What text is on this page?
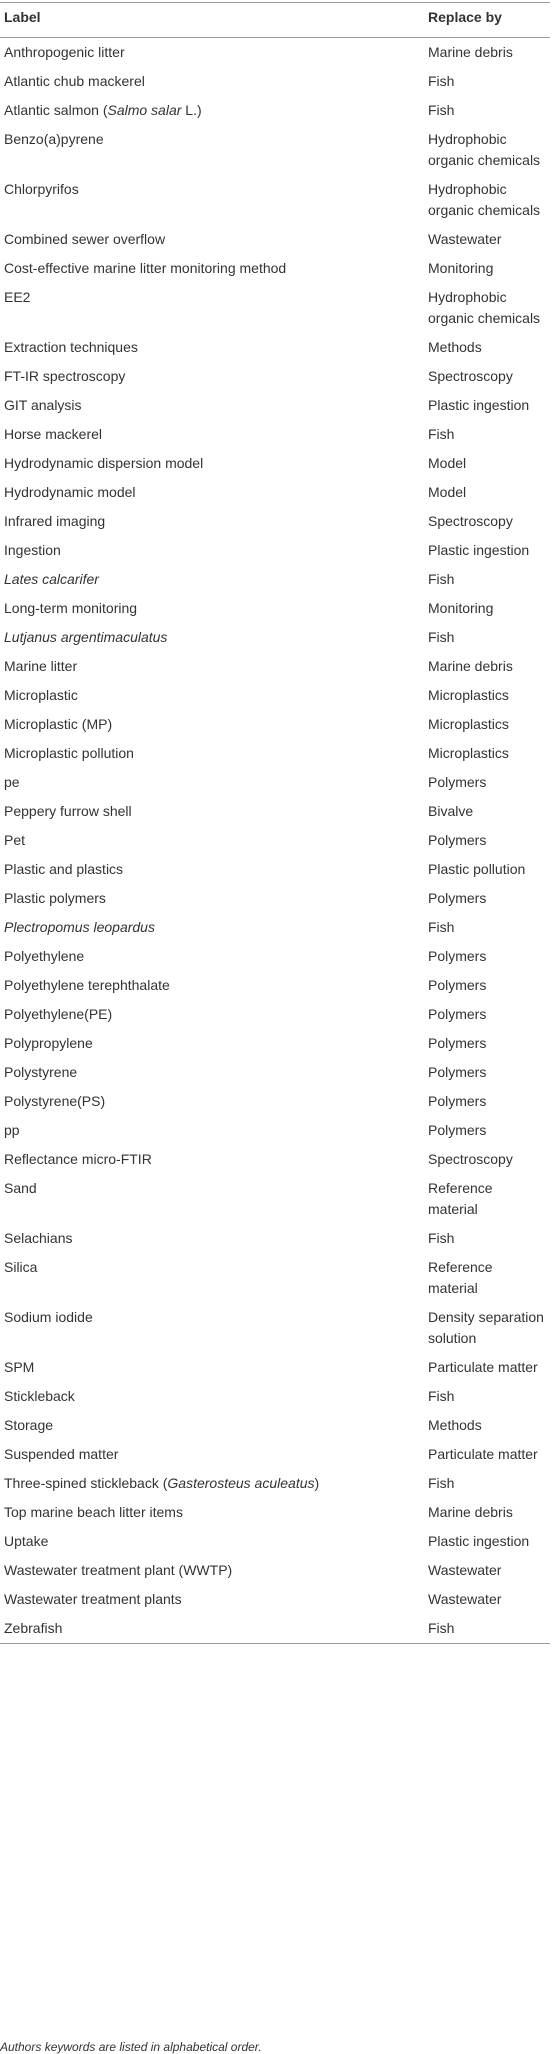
Label	Replace by
Anthropogenic litter	Marine debris
Atlantic chub mackerel	Fish
Atlantic salmon (Salmo salar L.)	Fish
Benzo(a)pyrene	Hydrophobic organic chemicals
Chlorpyrifos	Hydrophobic organic chemicals
Combined sewer overflow	Wastewater
Cost-effective marine litter monitoring method	Monitoring
EE2	Hydrophobic organic chemicals
Extraction techniques	Methods
FT-IR spectroscopy	Spectroscopy
GIT analysis	Plastic ingestion
Horse mackerel	Fish
Hydrodynamic dispersion model	Model
Hydrodynamic model	Model
Infrared imaging	Spectroscopy
Ingestion	Plastic ingestion
Lates calcarifer	Fish
Long-term monitoring	Monitoring
Lutjanus argentimaculatus	Fish
Marine litter	Marine debris
Microplastic	Microplastics
Microplastic (MP)	Microplastics
Microplastic pollution	Microplastics
pe	Polymers
Peppery furrow shell	Bivalve
Pet	Polymers
Plastic and plastics	Plastic pollution
Plastic polymers	Polymers
Plectropomus leopardus	Fish
Polyethylene	Polymers
Polyethylene terephthalate	Polymers
Polyethylene(PE)	Polymers
Polypropylene	Polymers
Polystyrene	Polymers
Polystyrene(PS)	Polymers
pp	Polymers
Reflectance micro-FTIR	Spectroscopy
Sand	Reference material
Selachians	Fish
Silica	Reference material
Sodium iodide	Density separation solution
SPM	Particulate matter
Stickleback	Fish
Storage	Methods
Suspended matter	Particulate matter
Three-spined stickleback (Gasterosteus aculeatus)	Fish
Top marine beach litter items	Marine debris
Uptake	Plastic ingestion
Wastewater treatment plant (WWTP)	Wastewater
Wastewater treatment plants	Wastewater
Zebrafish	Fish
Authors keywords are listed in alphabetical order.
